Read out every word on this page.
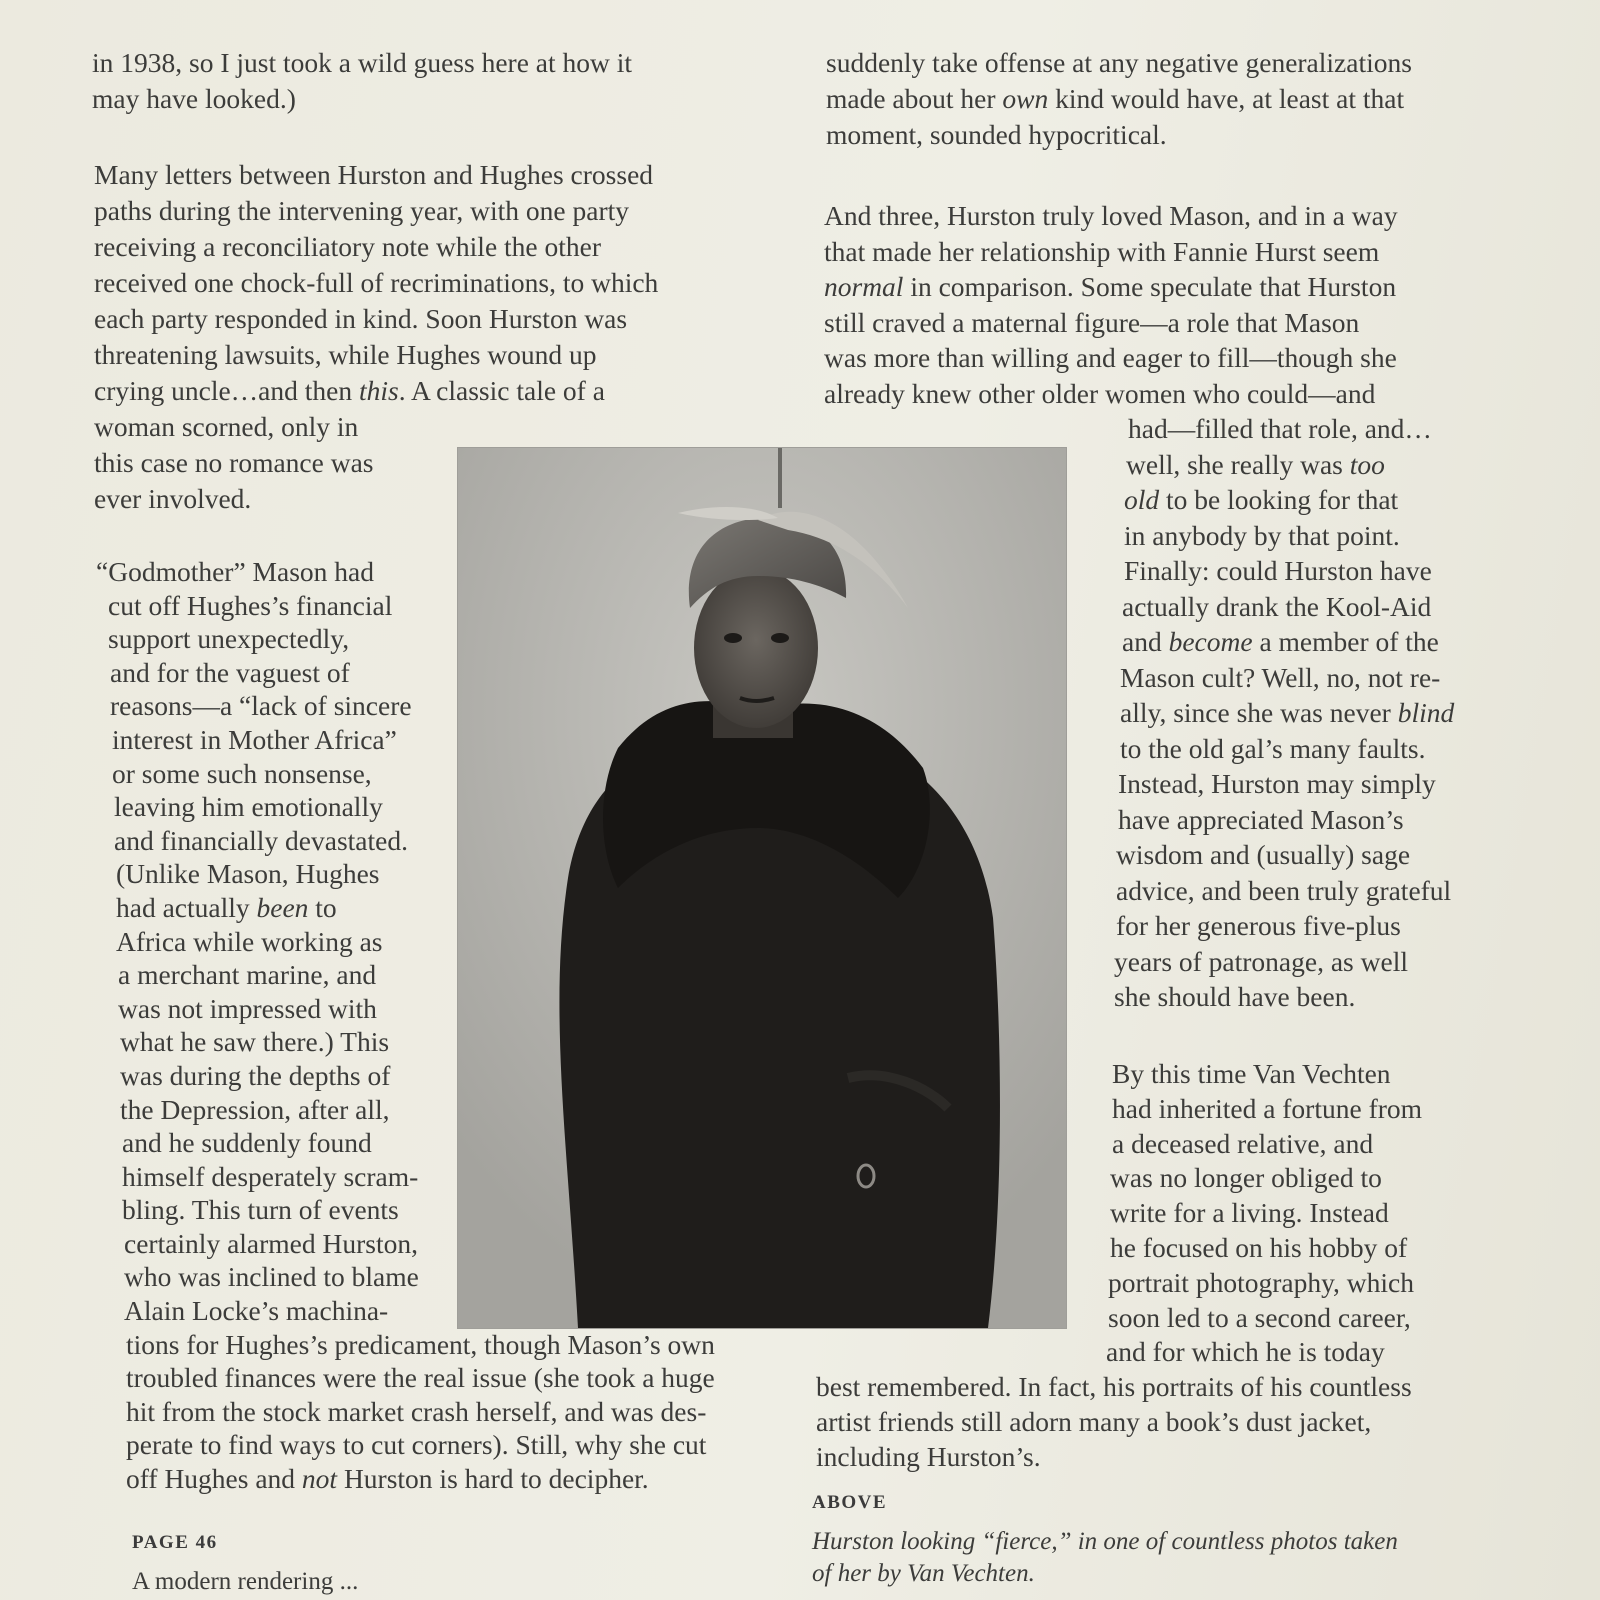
in 1938, so I just took a wild guess here at how it
may have looked.)
Many letters between Hurston and Hughes crossed
paths during the intervening year, with one party
receiving a reconciliatory note while the other
received one chock-full of recriminations, to which
each party responded in kind. Soon Hurston was
threatening lawsuits, while Hughes wound up
crying uncle…and then this. A classic tale of a
woman scorned, only in
this case no romance was
ever involved.
“Godmother” Mason had
cut off Hughes’s financial
support unexpectedly,
and for the vaguest of
reasons—a “lack of sincere
interest in Mother Africa”
or some such nonsense,
leaving him emotionally
and financially devastated.
(Unlike Mason, Hughes
had actually been to
Africa while working as
a merchant marine, and
was not impressed with
what he saw there.) This
was during the depths of
the Depression, after all,
and he suddenly found
himself desperately scram-
bling. This turn of events
certainly alarmed Hurston,
who was inclined to blame
Alain Locke’s machina-
tions for Hughes’s predicament, though Mason’s own
troubled finances were the real issue (she took a huge
hit from the stock market crash herself, and was des-
perate to find ways to cut corners). Still, why she cut
off Hughes and not Hurston is hard to decipher.
PAGE 46
A modern rendering ...
suddenly take offense at any negative generalizations
made about her own kind would have, at least at that
moment, sounded hypocritical.
And three, Hurston truly loved Mason, and in a way
that made her relationship with Fannie Hurst seem
normal in comparison. Some speculate that Hurston
still craved a maternal figure—a role that Mason
was more than willing and eager to fill—though she
already knew other older women who could—and
had—filled that role, and…
well, she really was too
old to be looking for that
in anybody by that point.
Finally: could Hurston have
actually drank the Kool-Aid
and become a member of the
Mason cult? Well, no, not re-
ally, since she was never blind
to the old gal’s many faults.
Instead, Hurston may simply
have appreciated Mason’s
wisdom and (usually) sage
advice, and been truly grateful
for her generous five-plus
years of patronage, as well
she should have been.
By this time Van Vechten
had inherited a fortune from
a deceased relative, and
was no longer obliged to
write for a living. Instead
he focused on his hobby of
portrait photography, which
soon led to a second career,
and for which he is today
best remembered. In fact, his portraits of his countless
artist friends still adorn many a book’s dust jacket,
including Hurston’s.
ABOVE
Hurston looking “fierce,” in one of countless photos taken
of her by Van Vechten.
